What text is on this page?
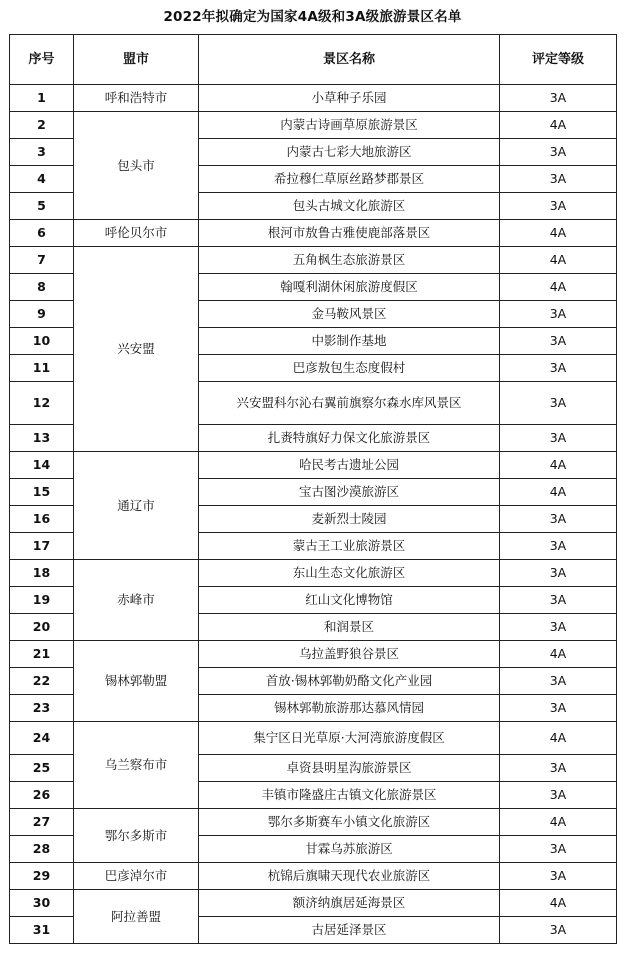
2022年拟确定为国家4A级和3A级旅游景区名单
序号	盟市	景区名称	评定等级
1	呼和浩特市	小草种子乐园	3A
2	包头市	内蒙古诗画草原旅游景区	4A
3		内蒙古七彩大地旅游区	3A
4		希拉穆仁草原丝路梦郡景区	3A
5		包头古城文化旅游区	3A
6	呼伦贝尔市	根河市敖鲁古雅使鹿部落景区	4A
7	兴安盟	五角枫生态旅游景区	4A
8		翰嘎利湖休闲旅游度假区	4A
9		金马鞍风景区	3A
10		中影制作基地	3A
11		巴彦敖包生态度假村	3A
12		兴安盟科尔沁右翼前旗察尔森水库风景区	3A
13		扎赉特旗好力保文化旅游景区	3A
14	通辽市	哈民考古遗址公园	4A
15		宝古图沙漠旅游区	4A
16		麦新烈士陵园	3A
17		蒙古王工业旅游景区	3A
18	赤峰市	东山生态文化旅游区	3A
19		红山文化博物馆	3A
20		和润景区	3A
21	锡林郭勒盟	乌拉盖野狼谷景区	4A
22		首放·锡林郭勒奶酪文化产业园	3A
23		锡林郭勒旅游那达慕风情园	3A
24	乌兰察布市	集宁区日光草原·大河湾旅游度假区	4A
25		卓资县明星沟旅游景区	3A
26		丰镇市隆盛庄古镇文化旅游景区	3A
27	鄂尔多斯市	鄂尔多斯赛车小镇文化旅游区	4A
28		甘霖乌苏旅游区	3A
29	巴彦淖尔市	杭锦后旗啸天现代农业旅游区	3A
30	阿拉善盟	额济纳旗居延海景区	4A
31		古居延泽景区	3A
